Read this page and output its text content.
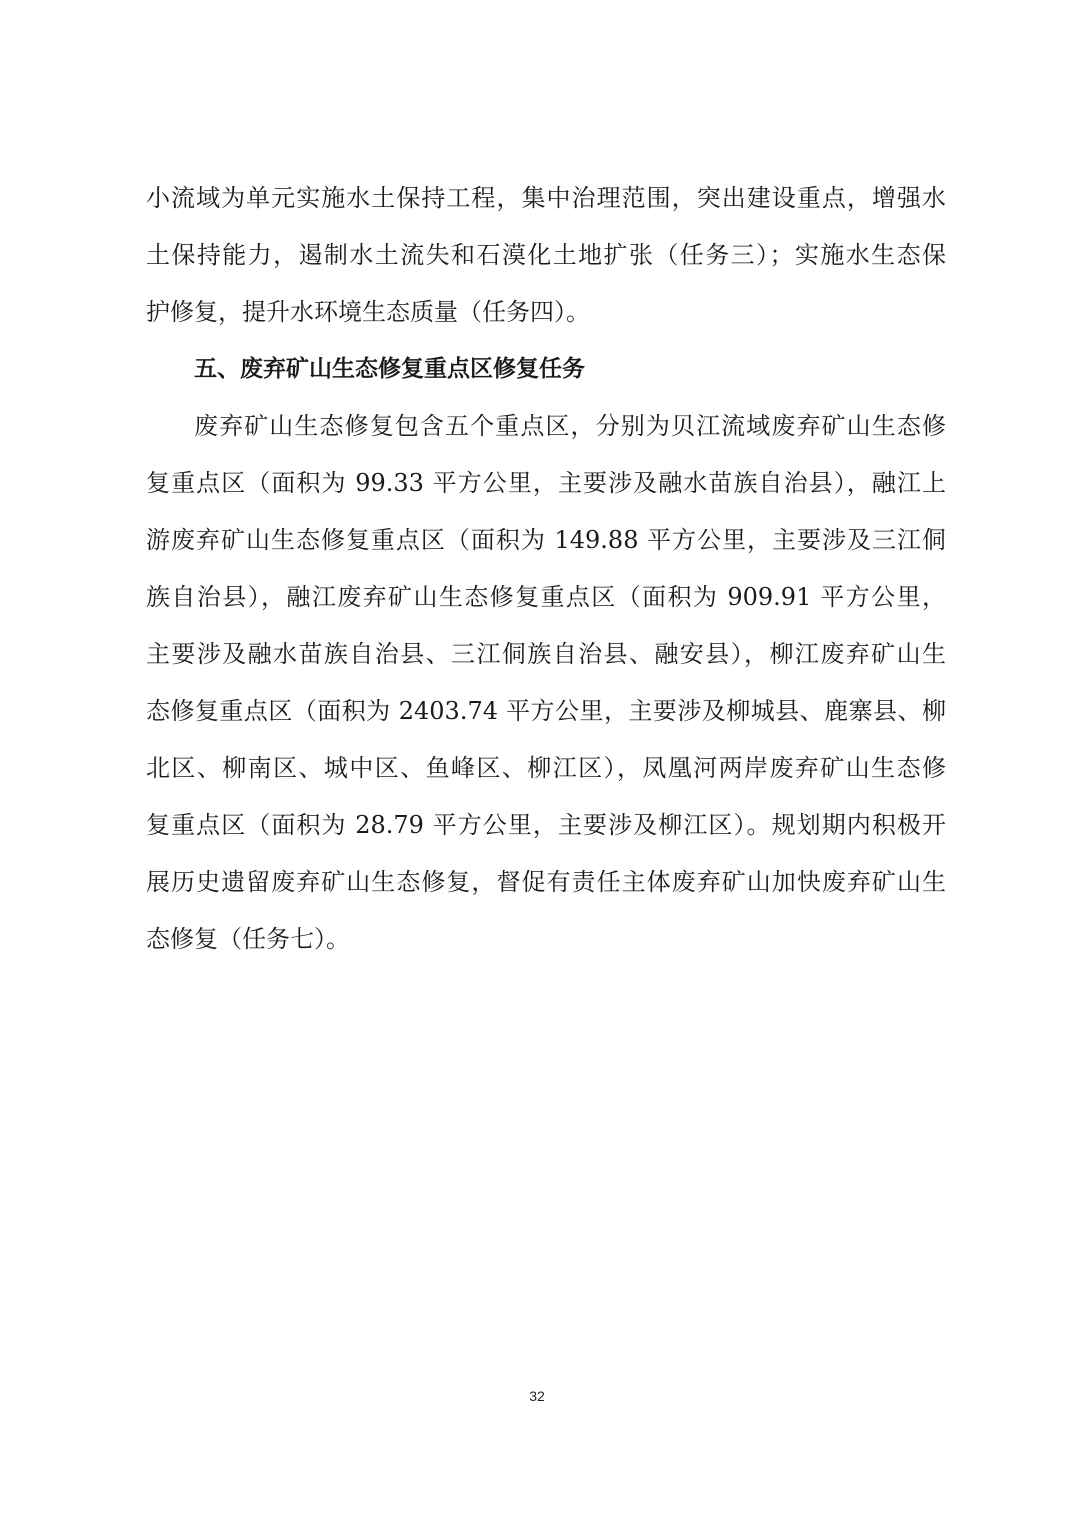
小流域为单元实施水土保持工程，集中治理范围，突出建设重点，增强水
土保持能力，遏制水土流失和石漠化土地扩张（任务三）；实施水生态保
护修复，提升水环境生态质量（任务四）。
五、废弃矿山生态修复重点区修复任务
废弃矿山生态修复包含五个重点区，分别为贝江流域废弃矿山生态修
复重点区（面积为 99.33 平方公里，主要涉及融水苗族自治县），融江上
游废弃矿山生态修复重点区（面积为 149.88 平方公里，主要涉及三江侗
族自治县），融江废弃矿山生态修复重点区（面积为 909.91 平方公里，
主要涉及融水苗族自治县、三江侗族自治县、融安县），柳江废弃矿山生
态修复重点区（面积为 2403.74 平方公里，主要涉及柳城县、鹿寨县、柳
北区、柳南区、城中区、鱼峰区、柳江区），凤凰河两岸废弃矿山生态修
复重点区（面积为 28.79 平方公里，主要涉及柳江区）。规划期内积极开
展历史遗留废弃矿山生态修复，督促有责任主体废弃矿山加快废弃矿山生
态修复（任务七）。
32
